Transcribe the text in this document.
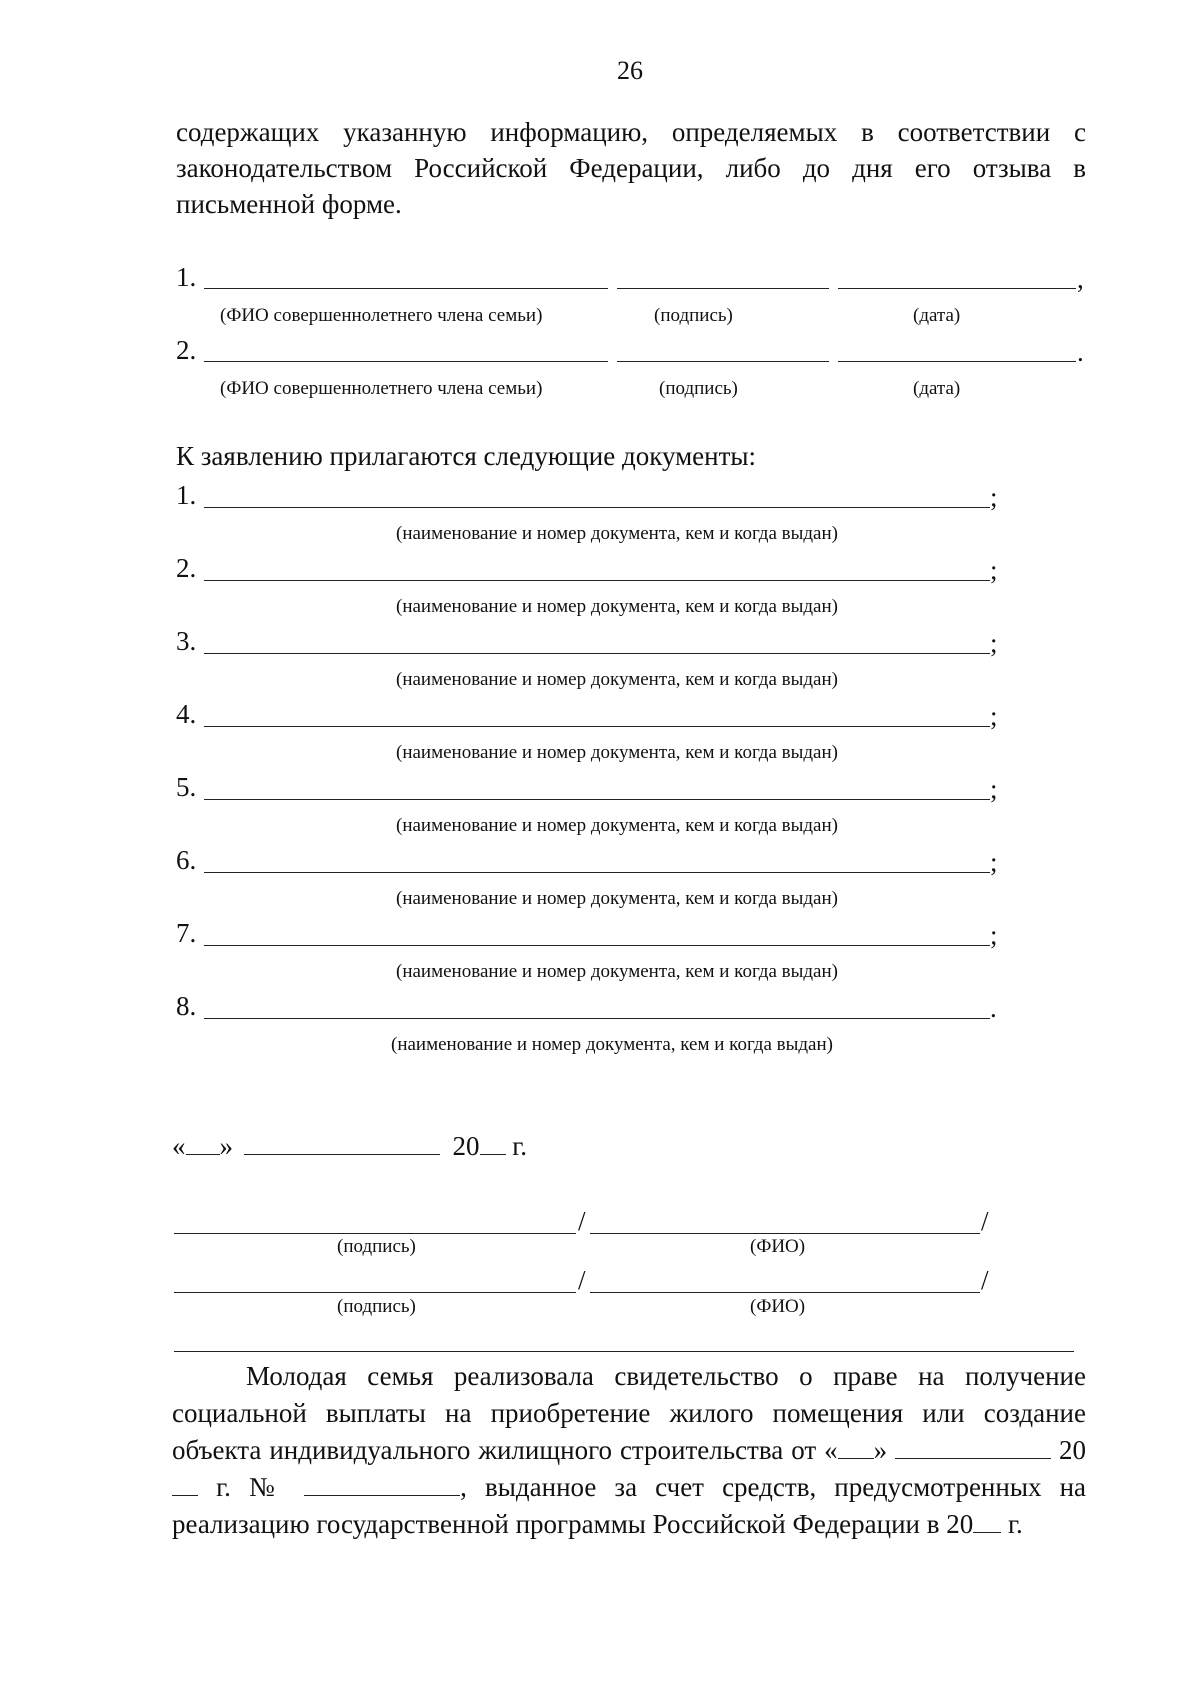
26
содержащих указанную информацию, определяемых в соответствии с законодательством Российской Федерации, либо до дня его отзыва в письменной форме.
1.	,
(ФИО совершеннолетнего члена семьи)	(подпись)	(дата)
2.	.
(ФИО совершеннолетнего члена семьи)	(подпись)	(дата)
К заявлению прилагаются следующие документы:
1.	;
(наименование и номер документа, кем и когда выдан)
2.	;
(наименование и номер документа, кем и когда выдан)
3.	;
(наименование и номер документа, кем и когда выдан)
4.	;
(наименование и номер документа, кем и когда выдан)
5.	;
(наименование и номер документа, кем и когда выдан)
6.	;
(наименование и номер документа, кем и когда выдан)
7.	;
(наименование и номер документа, кем и когда выдан)
8.	.
(наименование и номер документа, кем и когда выдан)
« »	20 г.
/	/
(подпись)	(ФИО)
/	/
(подпись)	(ФИО)
Молодая семья реализовала свидетельство о праве на получение социальной выплаты на приобретение жилого помещения или создание объекта индивидуального жилищного строительства от « »	20 г. №	, выданное за счет средств, предусмотренных на реализацию государственной программы Российской Федерации в 20 г.
